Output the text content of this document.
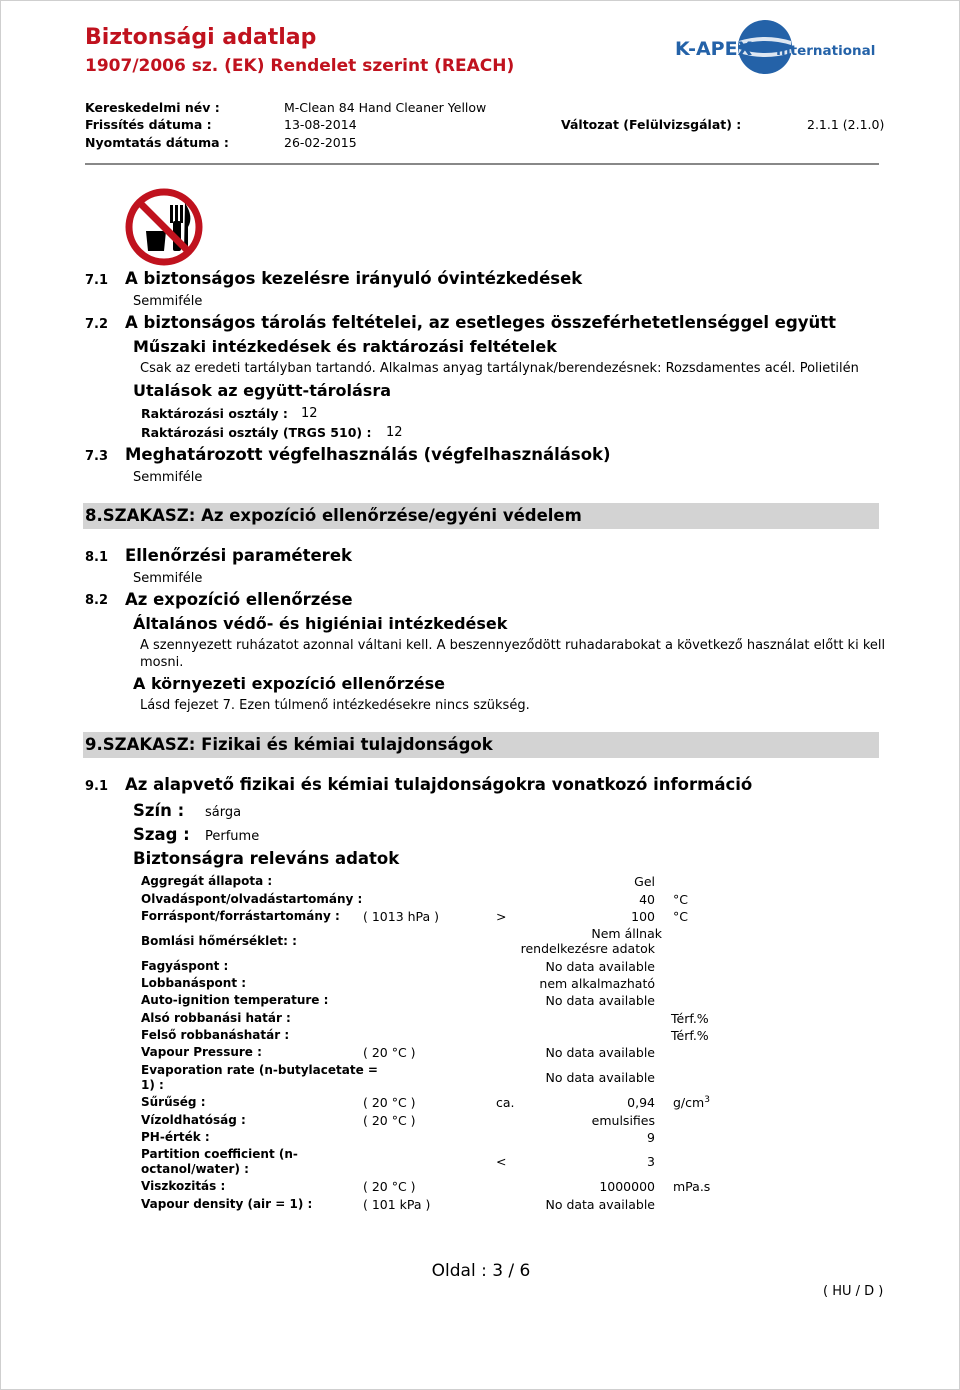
Biztonsági adatlap
1907/2006 sz. (EK) Rendelet szerint (REACH)
K-APEX International
Kereskedelmi név :	M-Clean 84 Hand Cleaner Yellow
Frissítés dátuma :	13-08-2014	Változat (Felülvizsgálat) :	2.1.1 (2.1.0)
Nyomtatás dátuma :	26-02-2015
7.1 A biztonságos kezelésre irányuló óvintézkedések
Semmiféle
7.2 A biztonságos tárolás feltételei, az esetleges összeférhetetlenséggel együtt
Műszaki intézkedések és raktározási feltételek
Csak az eredeti tartályban tartandó. Alkalmas anyag tartálynak/berendezésnek: Rozsdamentes acél. Polietilén
Utalások az együtt-tárolásra
Raktározási osztály : 12
Raktározási osztály (TRGS 510) : 12
7.3 Meghatározott végfelhasználás (végfelhasználások)
Semmiféle
8.SZAKASZ: Az expozíció ellenőrzése/egyéni védelem
8.1 Ellenőrzési paraméterek
Semmiféle
8.2 Az expozíció ellenőrzése
Általános védő- és higiéniai intézkedések
A szennyezett ruházatot azonnal váltani kell. A beszennyeződött ruhadarabokat a következő használat előtt ki kell
mosni.
A környezeti expozíció ellenőrzése
Lásd fejezet 7. Ezen túlmenő intézkedésekre nincs szükség.
9.SZAKASZ: Fizikai és kémiai tulajdonságok
9.1 Az alapvető fizikai és kémiai tulajdonságokra vonatkozó információ
Szín : sárga
Szag : Perfume
Biztonságra releváns adatok
Aggregát állapota :	Gel
Olvadáspont/olvadástartomány :	40 °C
Forráspont/forrástartomány : ( 1013 hPa )	>	100 °C
Bomlási hőmérséklet: :	Nem állnak
rendelkezésre adatok
Fagyáspont :	No data available
Lobbanáspont :	nem alkalmazható
Auto-ignition temperature :	No data available
Alsó robbanási határ :	Térf.%
Felső robbanáshatár :	Térf.%
Vapour Pressure :	( 20 °C )	No data available
Evaporation rate (n-butylacetate =
1) :	No data available
Sűrűség :	( 20 °C )	ca.	0,94 $g/cm^3$
Vízoldhatóság :	( 20 °C )	emulsifies
PH-érték :	9
Partition coefficient (n-
octanol/water) :	<	3
Viszkozitás :	( 20 °C )	1000000 mPa.s
Vapour density (air = 1) :	( 101 kPa )	No data available
Oldal : 3 / 6
( HU / D )
